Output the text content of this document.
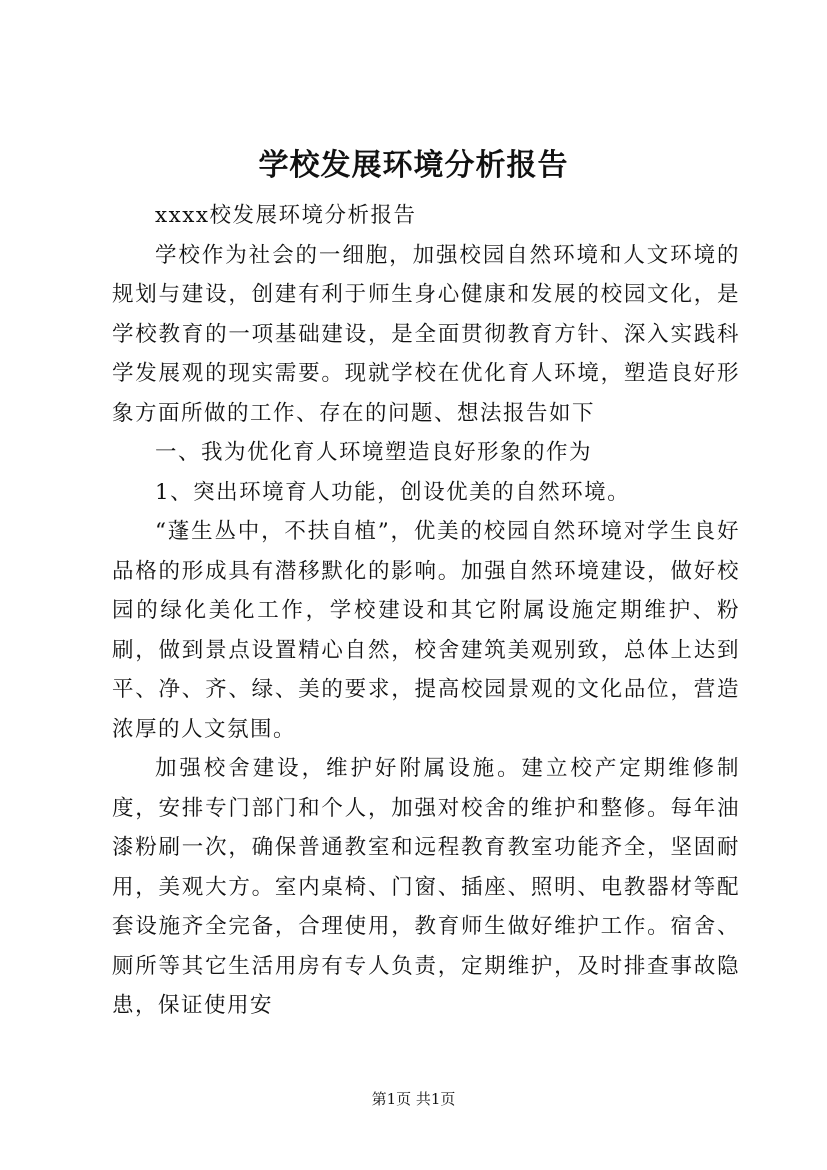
学校发展环境分析报告

xxxx校发展环境分析报告

学校作为社会的一细胞，加强校园自然环境和人文环境的规划与建设，创建有利于师生身心健康和发展的校园文化，是学校教育的一项基础建设，是全面贯彻教育方针、深入实践科学发展观的现实需要。现就学校在优化育人环境，塑造良好形象方面所做的工作、存在的问题、想法报告如下

一、我为优化育人环境塑造良好形象的作为

1、突出环境育人功能，创设优美的自然环境。

“蓬生丛中，不扶自植”，优美的校园自然环境对学生良好品格的形成具有潜移默化的影响。加强自然环境建设，做好校园的绿化美化工作，学校建设和其它附属设施定期维护、粉刷，做到景点设置精心自然，校舍建筑美观别致，总体上达到平、净、齐、绿、美的要求，提高校园景观的文化品位，营造浓厚的人文氛围。

加强校舍建设，维护好附属设施。建立校产定期维修制度，安排专门部门和个人，加强对校舍的维护和整修。每年油漆粉刷一次，确保普通教室和远程教育教室功能齐全，坚固耐用，美观大方。室内桌椅、门窗、插座、照明、电教器材等配套设施齐全完备，合理使用，教育师生做好维护工作。宿舍、厕所等其它生活用房有专人负责，定期维护，及时排查事故隐患，保证使用安

第1页 共1页
